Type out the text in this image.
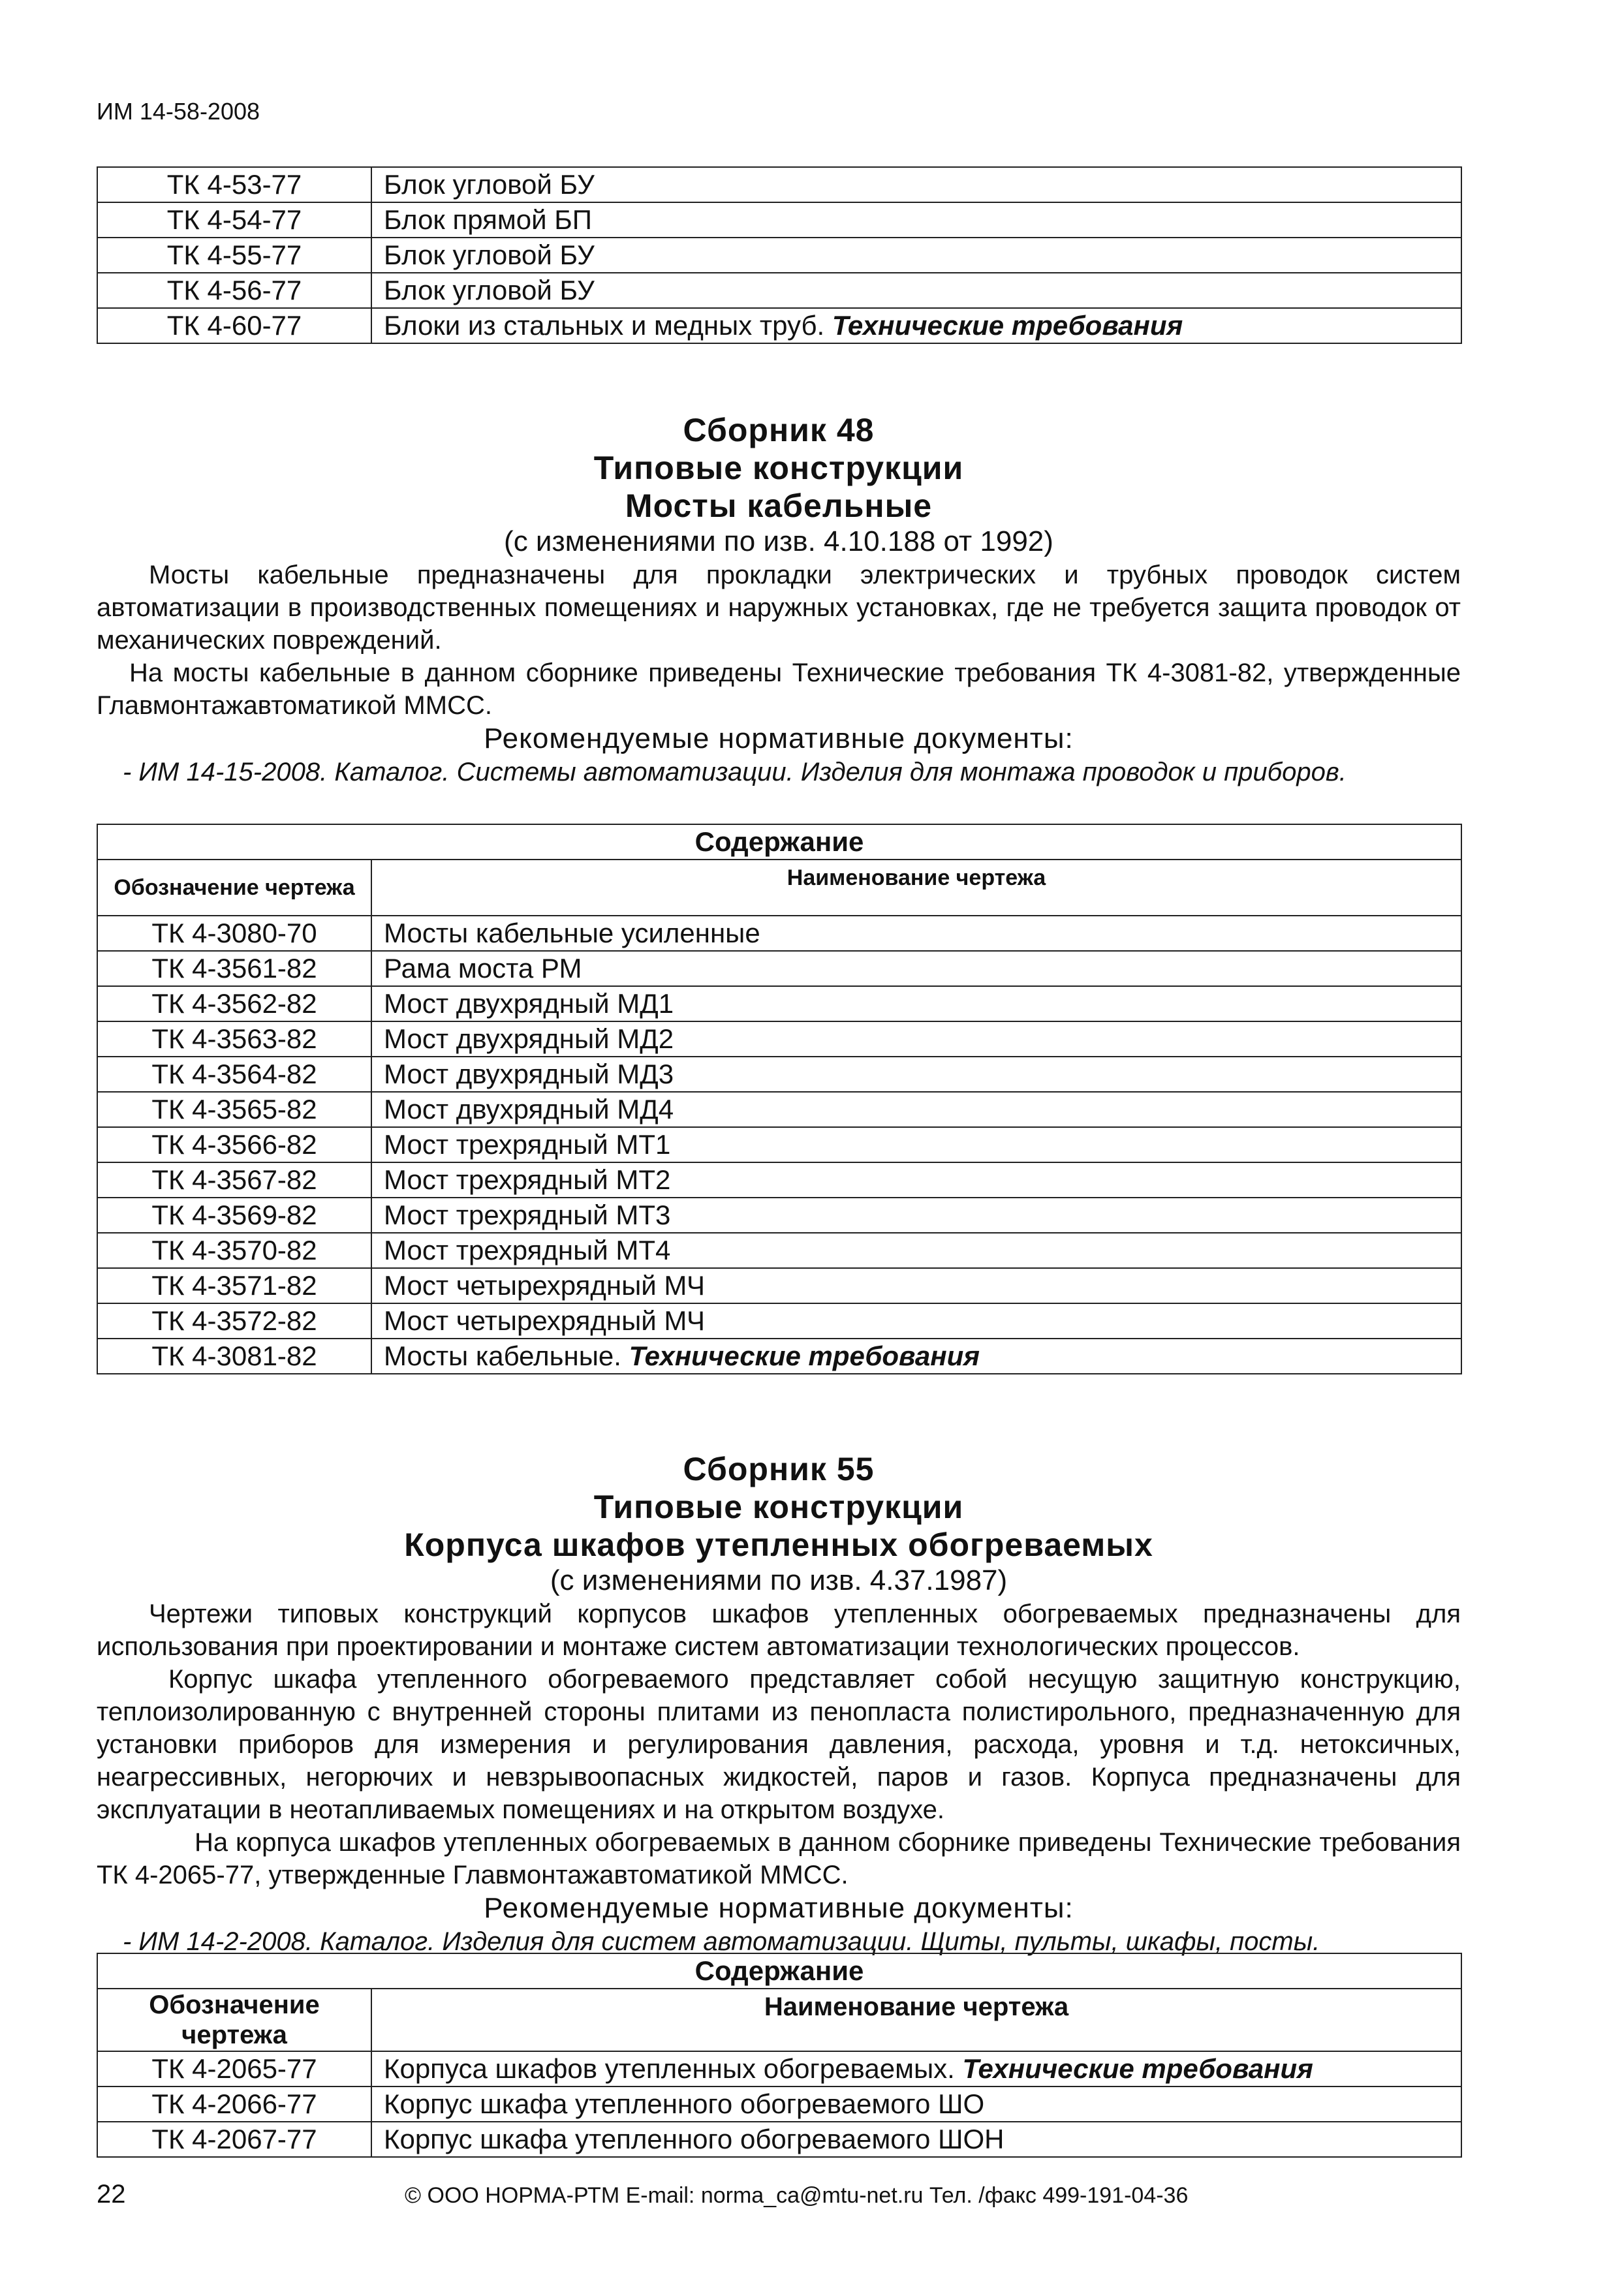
ИМ 14-58-2008
ТК 4-53-77	Блок угловой БУ
ТК 4-54-77	Блок прямой БП
ТК 4-55-77	Блок угловой БУ
ТК 4-56-77	Блок угловой БУ
ТК 4-60-77	Блоки из стальных и медных труб. Технические требования
Сборник 48
Типовые конструкции
Мосты кабельные
(с изменениями по изв. 4.10.188 от 1992)
Мосты кабельные предназначены для прокладки электрических и трубных проводок систем автоматизации в производственных помещениях и наружных установках, где не требуется защита проводок от механических повреждений.
На мосты кабельные в данном сборнике приведены Технические требования ТК 4-3081-82, утвержденные Главмонтажавтоматикой ММСС.
Рекомендуемые нормативные документы:
- ИМ 14-15-2008. Каталог. Системы автоматизации. Изделия для монтажа проводок и приборов.
Содержание	
Обозначение чертежа	Наименование чертежа
ТК 4-3080-70	Мосты кабельные усиленные
ТК 4-3561-82	Рама моста РМ
ТК 4-3562-82	Мост двухрядный МД1
ТК 4-3563-82	Мост двухрядный МД2
ТК 4-3564-82	Мост двухрядный МД3
ТК 4-3565-82	Мост двухрядный МД4
ТК 4-3566-82	Мост трехрядный МТ1
ТК 4-3567-82	Мост трехрядный МТ2
ТК 4-3569-82	Мост трехрядный МТ3
ТК 4-3570-82	Мост трехрядный МТ4
ТК 4-3571-82	Мост четырехрядный МЧ
ТК 4-3572-82	Мост четырехрядный МЧ
ТК 4-3081-82	Мосты кабельные. Технические требования
Сборник 55
Типовые конструкции
Корпуса шкафов утепленных обогреваемых
(с изменениями по изв. 4.37.1987)
Чертежи типовых конструкций корпусов шкафов утепленных обогреваемых предназначены для использования при проектировании и монтаже систем автоматизации технологических процессов.
Корпус шкафа утепленного обогреваемого представляет собой несущую защитную конструкцию, теплоизолированную с внутренней стороны плитами из пенопласта полистирольного, предназначенную для установки приборов для измерения и регулирования давления, расхода, уровня и т.д. нетоксичных, неагрессивных, негорючих и невзрывоопасных жидкостей, паров и газов. Корпуса предназначены для эксплуатации в неотапливаемых помещениях и на открытом воздухе.
На корпуса шкафов утепленных обогреваемых в данном сборнике приведены Технические требования ТК 4-2065-77, утвержденные Главмонтажавтоматикой ММСС.
Рекомендуемые нормативные документы:
- ИМ 14-2-2008. Каталог. Изделия для систем автоматизации. Щиты, пульты, шкафы, посты.
Содержание	
Обозначение чертежа	Наименование чертежа
ТК 4-2065-77	Корпуса шкафов утепленных обогреваемых. Технические требования
ТК 4-2066-77	Корпус шкафа утепленного обогреваемого ШО
ТК 4-2067-77	Корпус шкафа утепленного обогреваемого ШОН
22	© ООО НОРМА-РТМ E-mail: norma_ca@mtu-net.ru Тел. /факс 499-191-04-36
